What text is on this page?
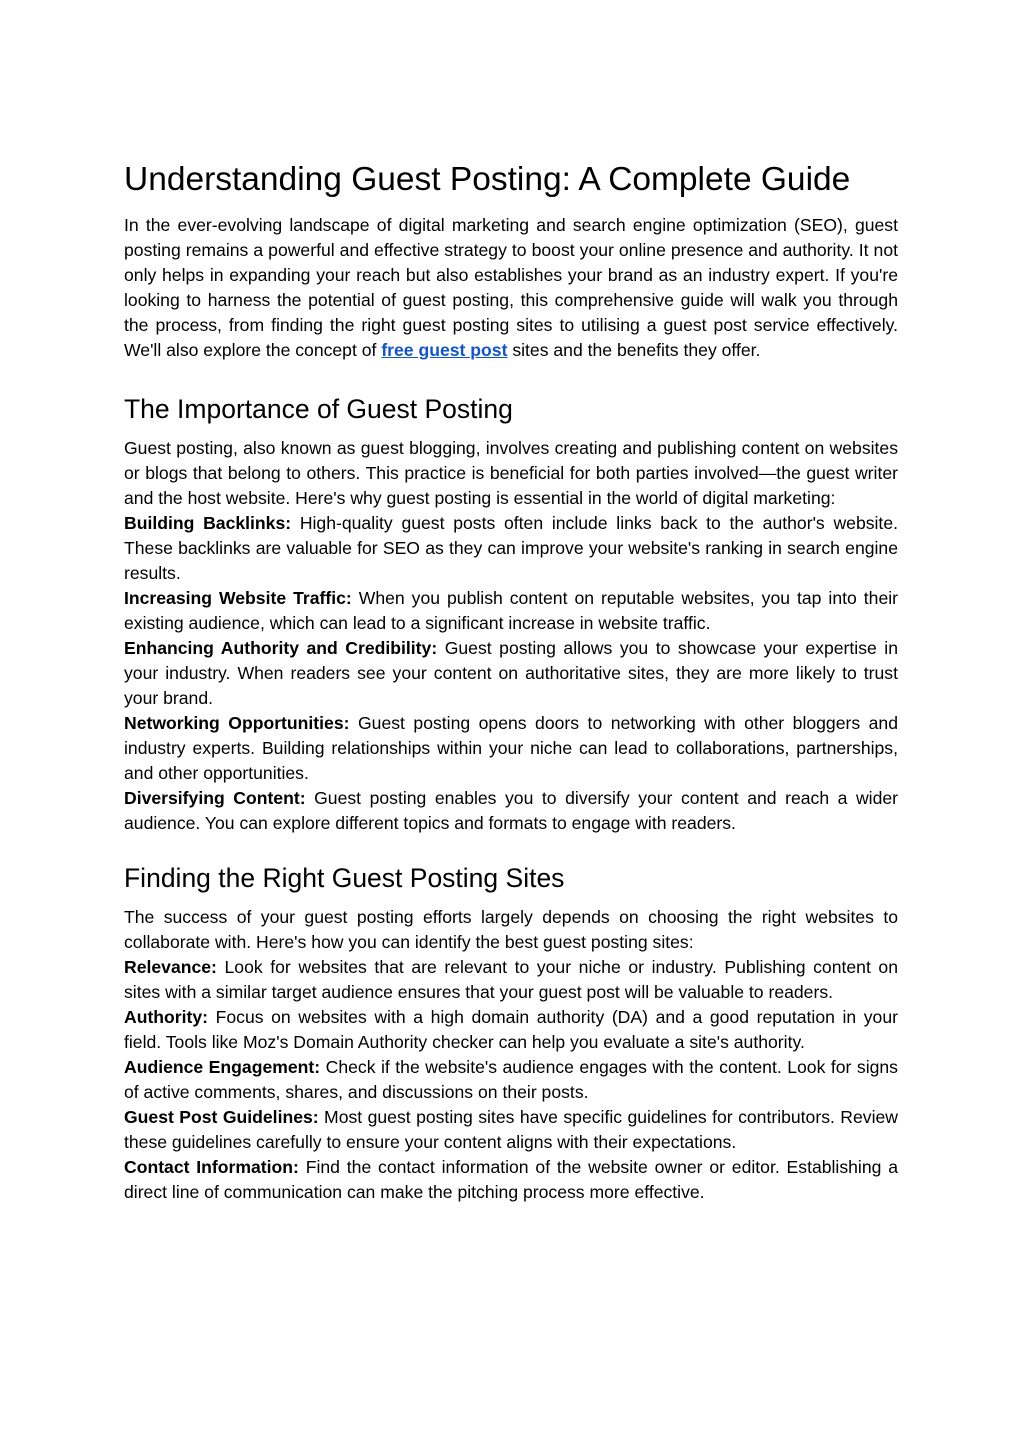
Understanding Guest Posting: A Complete Guide

In the ever-evolving landscape of digital marketing and search engine optimization (SEO), guest posting remains a powerful and effective strategy to boost your online presence and authority. It not only helps in expanding your reach but also establishes your brand as an industry expert. If you're looking to harness the potential of guest posting, this comprehensive guide will walk you through the process, from finding the right guest posting sites to utilising a guest post service effectively. We'll also explore the concept of free guest post sites and the benefits they offer.

The Importance of Guest Posting

Guest posting, also known as guest blogging, involves creating and publishing content on websites or blogs that belong to others. This practice is beneficial for both parties involved—the guest writer and the host website. Here's why guest posting is essential in the world of digital marketing:

Building Backlinks: High-quality guest posts often include links back to the author's website. These backlinks are valuable for SEO as they can improve your website's ranking in search engine results.

Increasing Website Traffic: When you publish content on reputable websites, you tap into their existing audience, which can lead to a significant increase in website traffic.

Enhancing Authority and Credibility: Guest posting allows you to showcase your expertise in your industry. When readers see your content on authoritative sites, they are more likely to trust your brand.

Networking Opportunities: Guest posting opens doors to networking with other bloggers and industry experts. Building relationships within your niche can lead to collaborations, partnerships, and other opportunities.

Diversifying Content: Guest posting enables you to diversify your content and reach a wider audience. You can explore different topics and formats to engage with readers.

Finding the Right Guest Posting Sites

The success of your guest posting efforts largely depends on choosing the right websites to collaborate with. Here's how you can identify the best guest posting sites:

Relevance: Look for websites that are relevant to your niche or industry. Publishing content on sites with a similar target audience ensures that your guest post will be valuable to readers.

Authority: Focus on websites with a high domain authority (DA) and a good reputation in your field. Tools like Moz's Domain Authority checker can help you evaluate a site's authority.

Audience Engagement: Check if the website's audience engages with the content. Look for signs of active comments, shares, and discussions on their posts.

Guest Post Guidelines: Most guest posting sites have specific guidelines for contributors. Review these guidelines carefully to ensure your content aligns with their expectations.

Contact Information: Find the contact information of the website owner or editor. Establishing a direct line of communication can make the pitching process more effective.
